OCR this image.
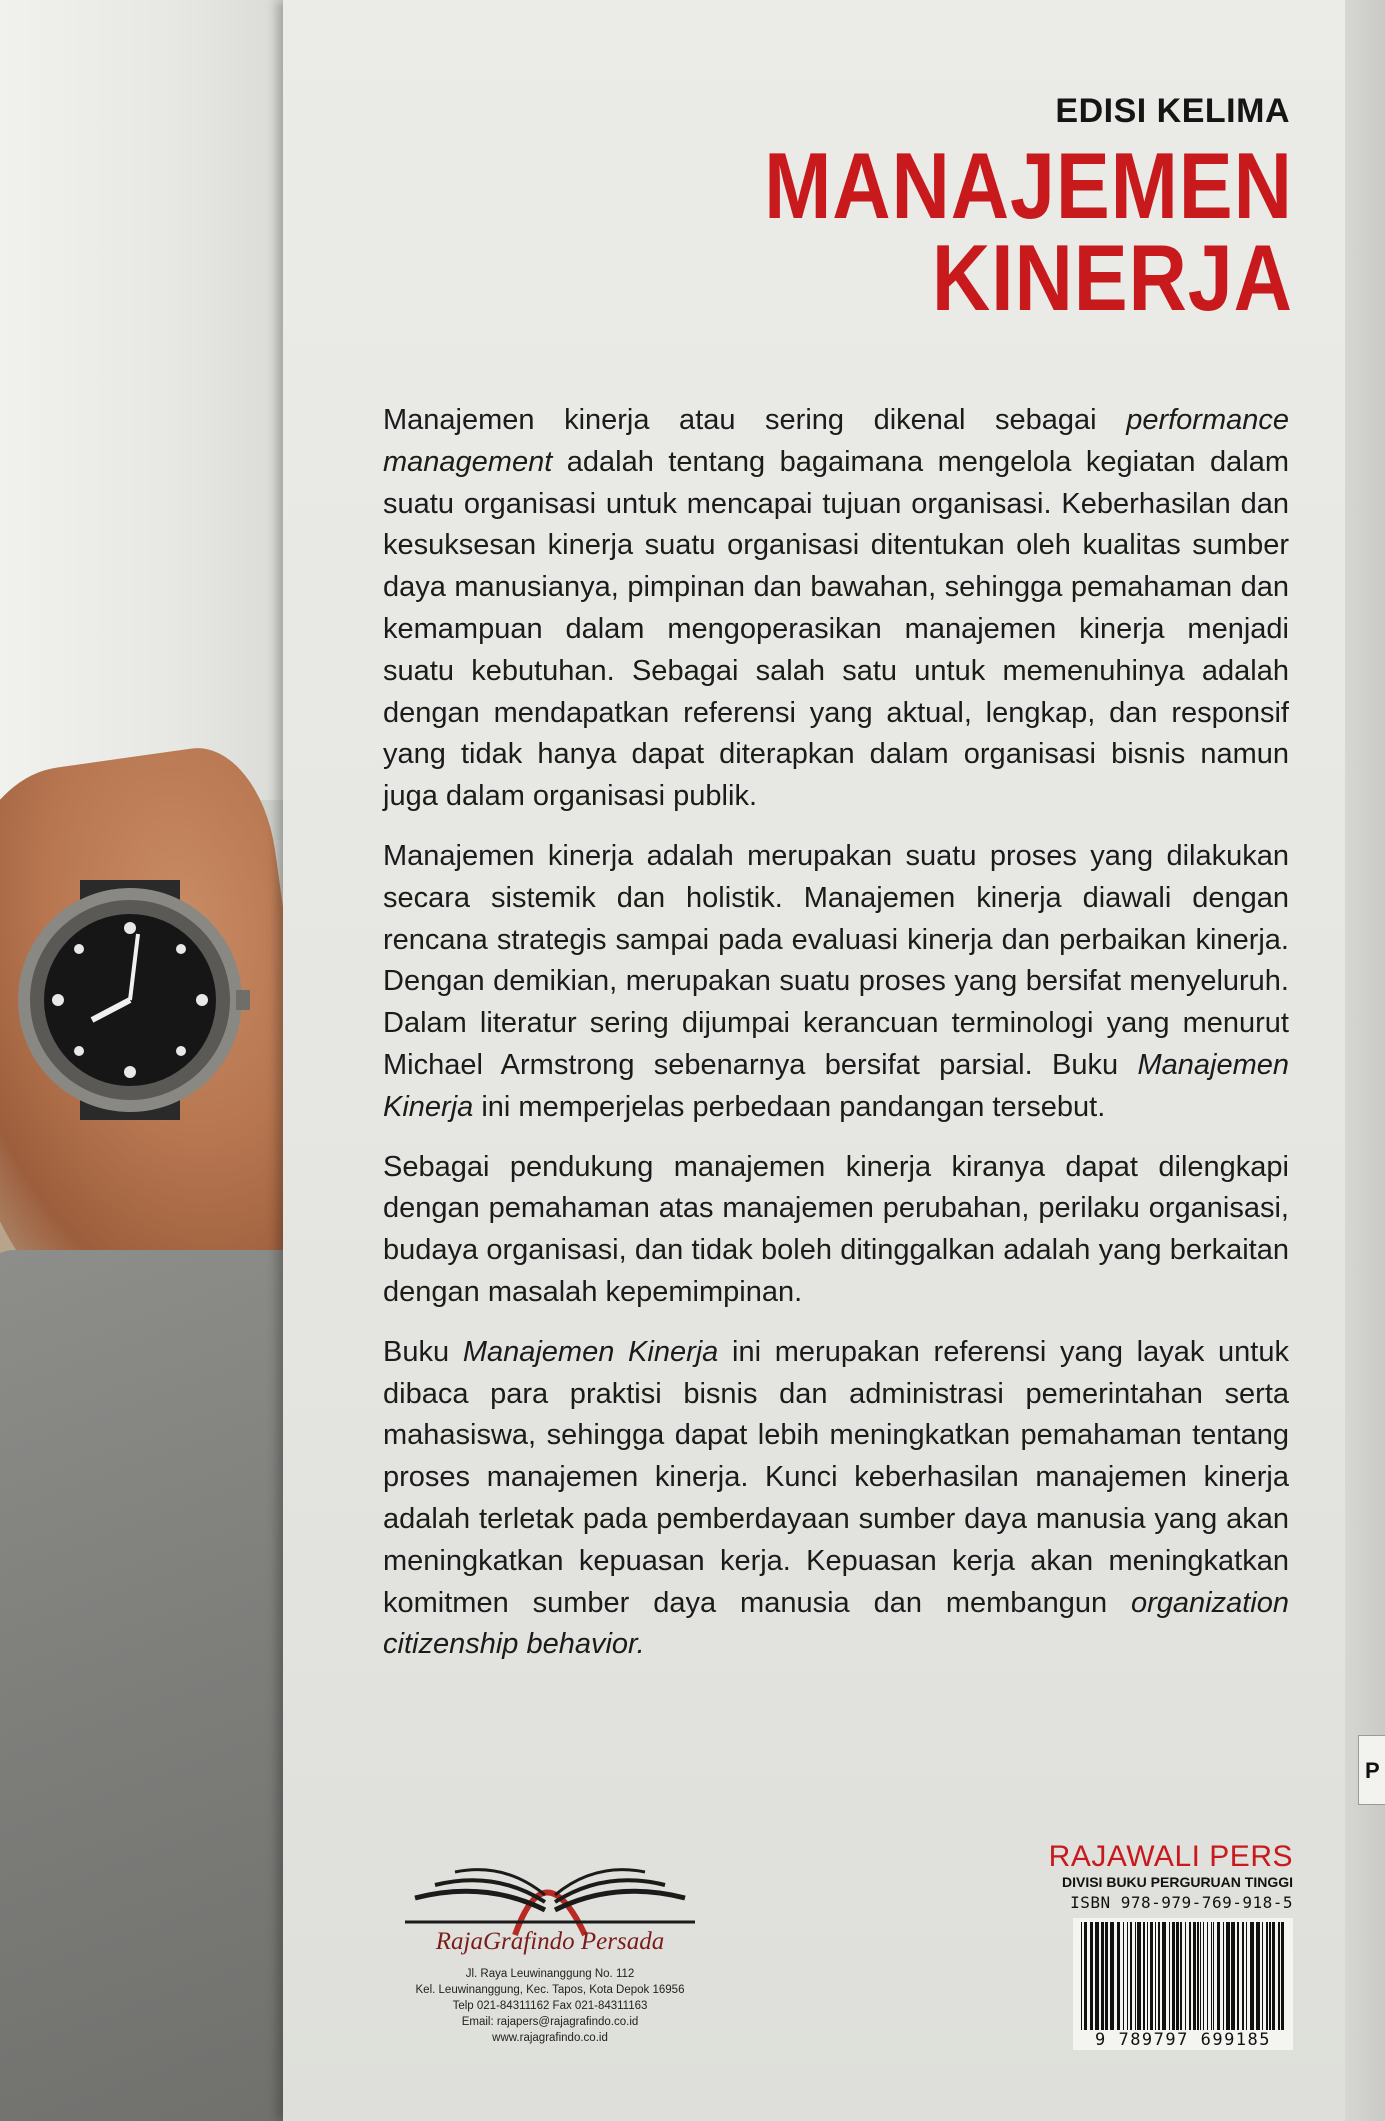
P
EDISI KELIMA
MANAJEMEN
KINERJA

Manajemen kinerja atau sering dikenal sebagai performance management adalah tentang bagaimana mengelola kegiatan dalam suatu organisasi untuk mencapai tujuan organisasi. Keberhasilan dan kesuksesan kinerja suatu organisasi ditentukan oleh kualitas sumber daya manusianya, pimpinan dan bawahan, sehingga pemahaman dan kemampuan dalam mengoperasikan manajemen kinerja menjadi suatu kebutuhan. Sebagai salah satu untuk memenuhinya adalah dengan mendapatkan referensi yang aktual, lengkap, dan responsif yang tidak hanya dapat diterapkan dalam organisasi bisnis namun juga dalam organisasi publik.

Manajemen kinerja adalah merupakan suatu proses yang dilakukan secara sistemik dan holistik. Manajemen kinerja diawali dengan rencana strategis sampai pada evaluasi kinerja dan perbaikan kinerja. Dengan demikian, merupakan suatu proses yang bersifat menyeluruh. Dalam literatur sering dijumpai kerancuan terminologi yang menurut Michael Armstrong sebenarnya bersifat parsial. Buku Manajemen Kinerja ini memperjelas perbedaan pandangan tersebut.

Sebagai pendukung manajemen kinerja kiranya dapat dilengkapi dengan pemahaman atas manajemen perubahan, perilaku organisasi, budaya organisasi, dan tidak boleh ditinggalkan adalah yang berkaitan dengan masalah kepemimpinan.

Buku Manajemen Kinerja ini merupakan referensi yang layak untuk dibaca para praktisi bisnis dan administrasi pemerintahan serta mahasiswa, sehingga dapat lebih meningkatkan pemahaman tentang proses manajemen kinerja. Kunci keberhasilan manajemen kinerja adalah terletak pada pemberdayaan sumber daya manusia yang akan meningkatkan kepuasan kerja. Kepuasan kerja akan meningkatkan komitmen sumber daya manusia dan membangun organization citizenship behavior.

RajaGrafindo Persada
Jl. Raya Leuwinanggung No. 112
Kel. Leuwinanggung, Kec. Tapos, Kota Depok 16956
Telp 021-84311162 Fax 021-84311163
Email: rajapers@rajagrafindo.co.id
www.rajagrafindo.co.id
RAJAWALI PERS
DIVISI BUKU PERGURUAN TINGGI
ISBN 978-979-769-918-5
9 789797 699185
